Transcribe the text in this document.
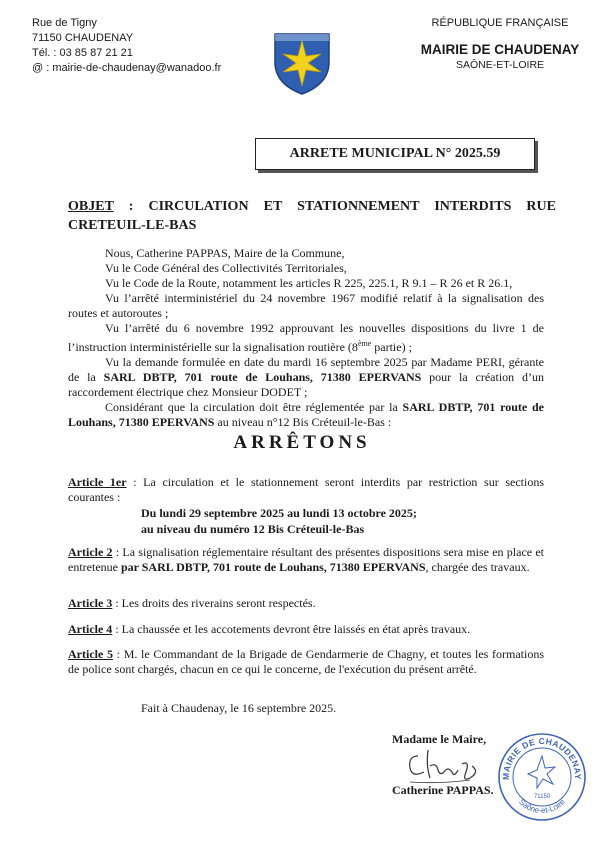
Rue de Tigny
71150 CHAUDENAY
Tél. : 03 85 87 21 21
@ : mairie-de-chaudenay@wanadoo.fr
RÉPUBLIQUE FRANÇAISE
MAIRIE DE CHAUDENAY
SAÔNE-ET-LOIRE
ARRETE MUNICIPAL N° 2025.59
OBJET : CIRCULATION ET STATIONNEMENT INTERDITS RUE CRETEUIL-LE-BAS

Nous, Catherine PAPPAS, Maire de la Commune,

Vu le Code Général des Collectivités Territoriales,

Vu le Code de la Route, notamment les articles R 225, 225.1, R 9.1 – R 26 et R 26.1,

Vu l’arrêté interministériel du 24 novembre 1967 modifié relatif à la signalisation des routes et autoroutes ;

Vu l’arrêté du 6 novembre 1992 approuvant les nouvelles dispositions du livre 1 de l’instruction interministérielle sur la signalisation routière (8ème partie) ;

Vu la demande formulée en date du mardi 16 septembre 2025 par Madame PERI, gérante de la SARL DBTP, 701 route de Louhans, 71380 EPERVANS pour la création d’un raccordement électrique chez Monsieur DODET ;

Considérant que la circulation doit être réglementée par la SARL DBTP, 701 route de Louhans, 71380 EPERVANS au niveau n°12 Bis Créteuil-le-Bas :

ARRÊTONS
Article 1er : La circulation et le stationnement seront interdits par restriction sur sections courantes :
Du lundi 29 septembre 2025 au lundi 13 octobre 2025;
au niveau du numéro 12 Bis Créteuil-le-Bas
Article 2 : La signalisation réglementaire résultant des présentes dispositions sera mise en place et entretenue par SARL DBTP, 701 route de Louhans, 71380 EPERVANS, chargée des travaux.
Article 3 : Les droits des riverains seront respectés.
Article 4 : La chaussée et les accotements devront être laissés en état après travaux.
Article 5 : M. le Commandant de la Brigade de Gendarmerie de Chagny, et toutes les formations de police sont chargés, chacun en ce qui le concerne, de l'exécution du présent arrêté.
Fait à Chaudenay, le 16 septembre 2025.
Madame le Maire,
Catherine PAPPAS.
MAIRIE DE CHAUDENAY
Saône-et-Loire
71150
